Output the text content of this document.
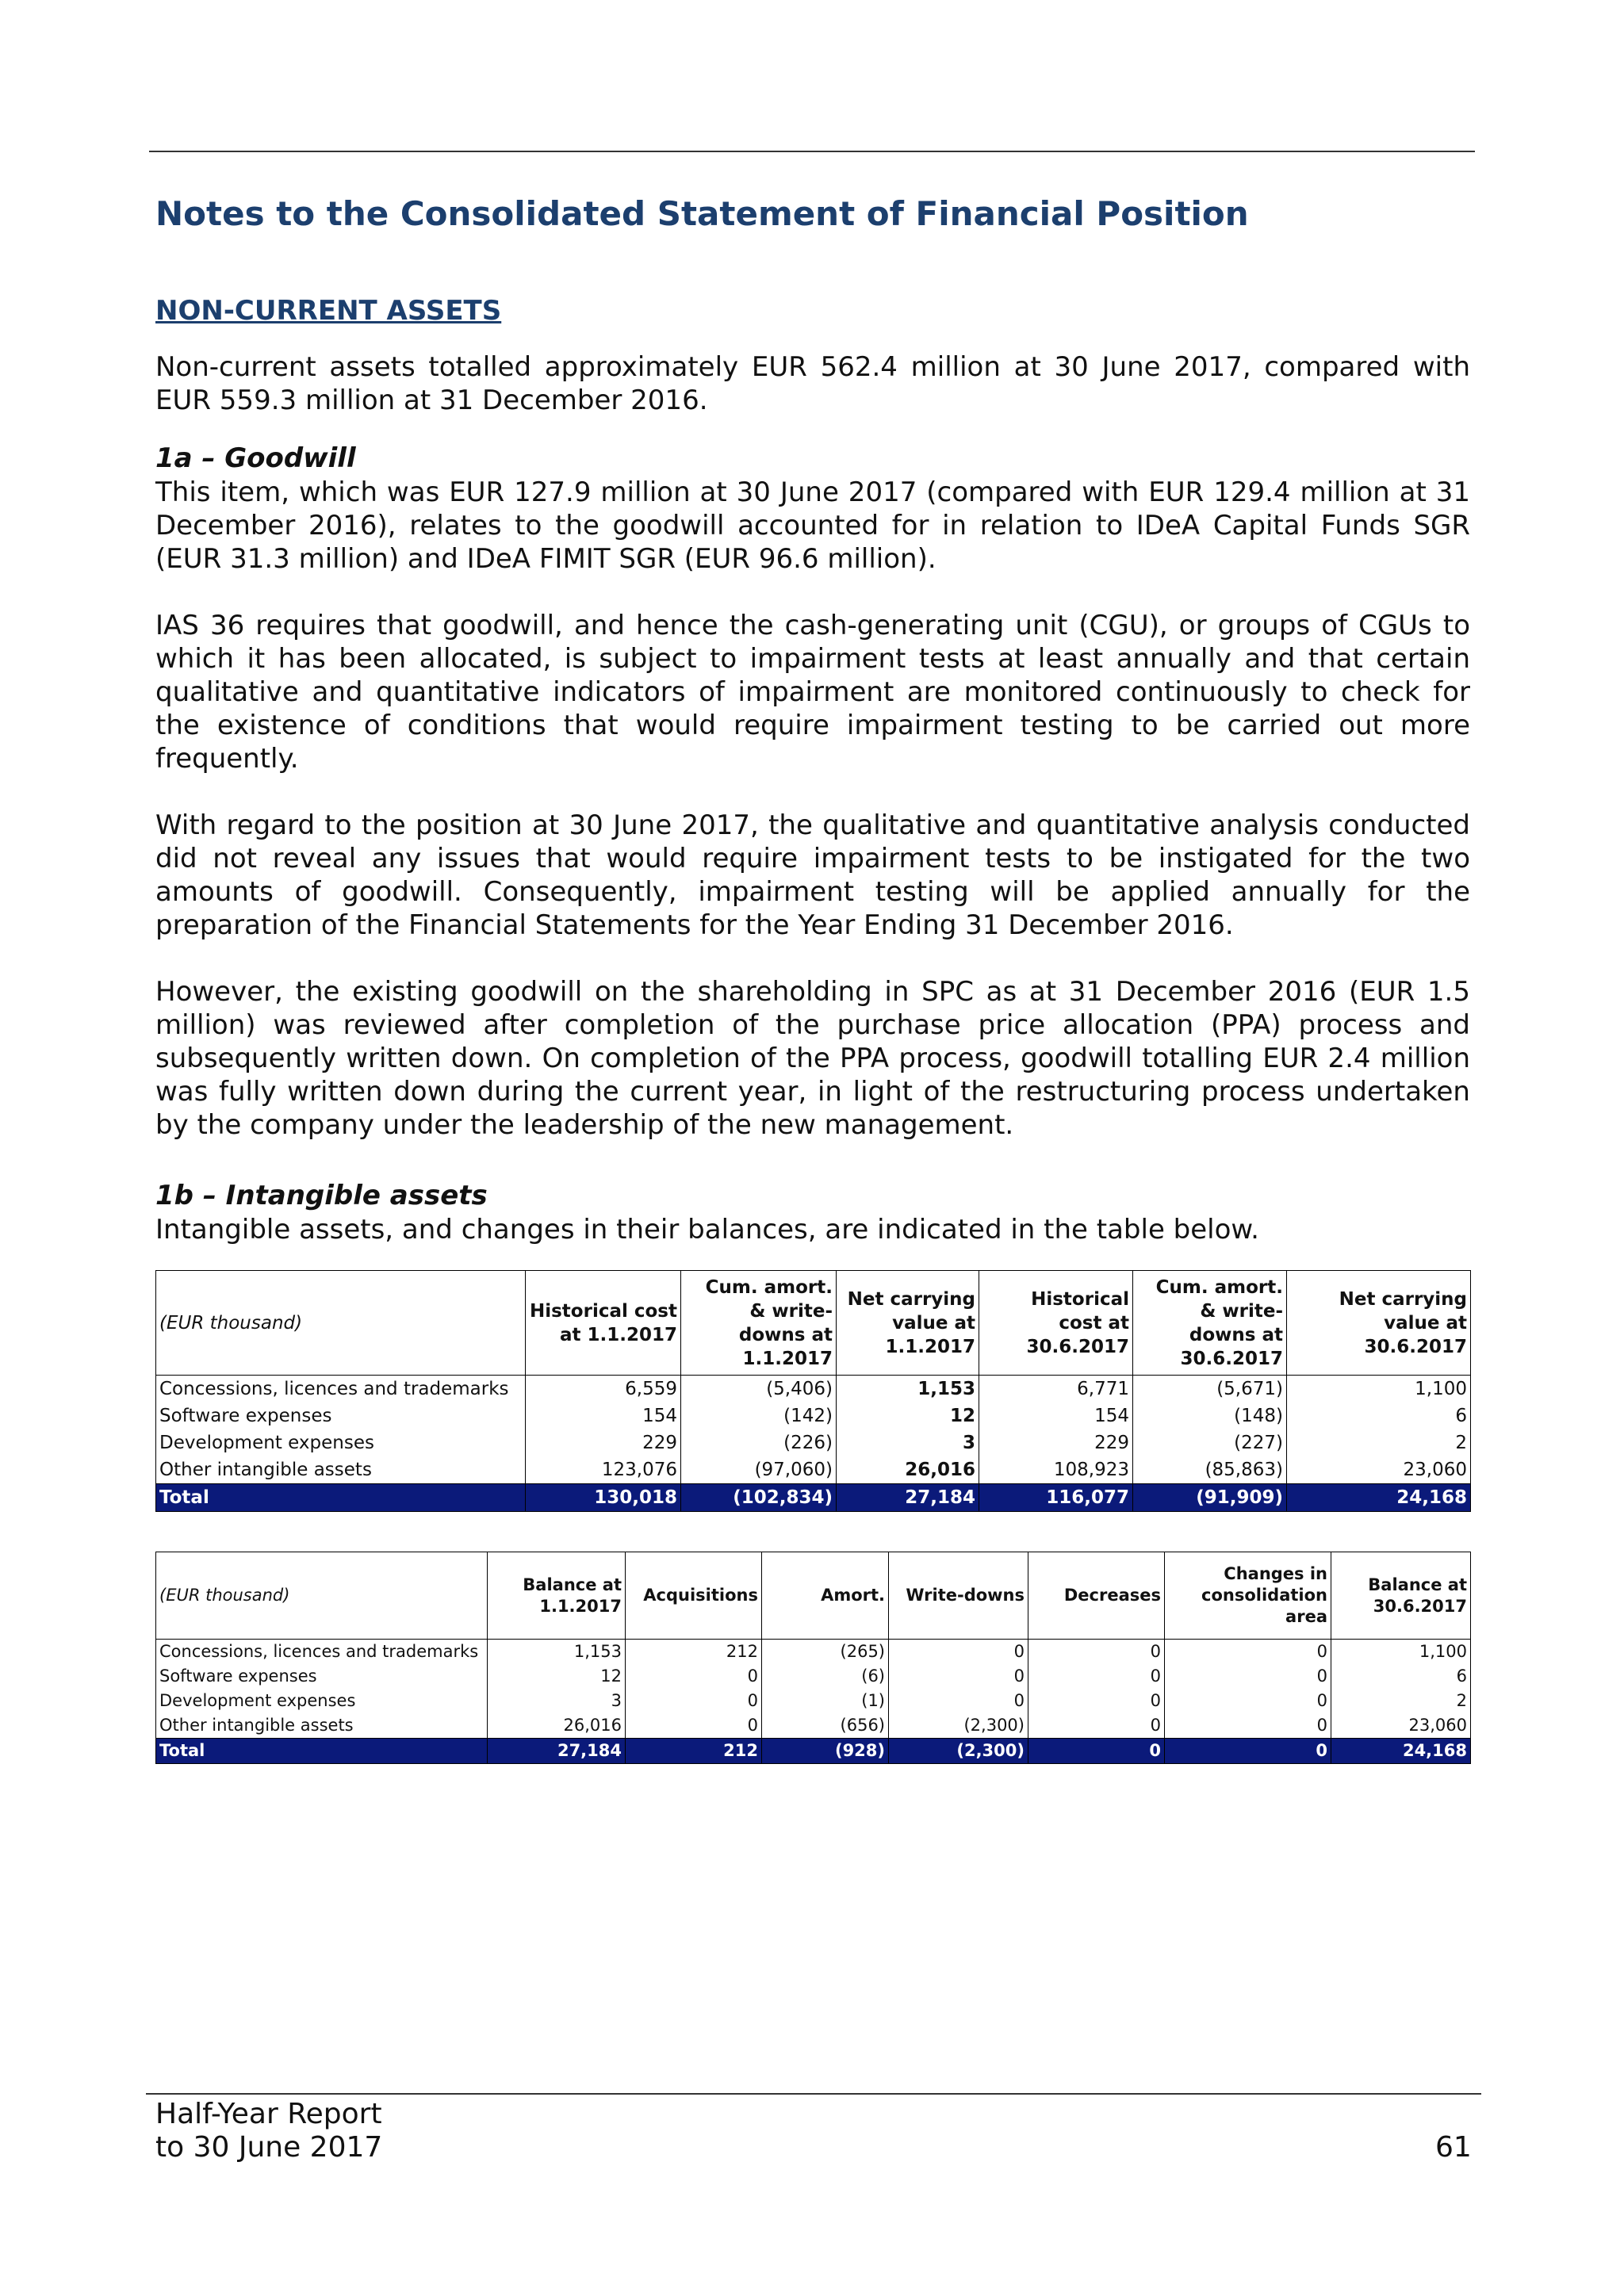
Notes to the Consolidated Statement of Financial Position
NON-CURRENT ASSETS

Non-current assets totalled approximately EUR 562.4 million at 30 June 2017, compared with EUR 559.3 million at 31 December 2016.

1a – Goodwill

This item, which was EUR 127.9 million at 30 June 2017 (compared with EUR 129.4 million at 31 December 2016), relates to the goodwill accounted for in relation to IDeA Capital Funds SGR (EUR 31.3 million) and IDeA FIMIT SGR (EUR 96.6 million).

IAS 36 requires that goodwill, and hence the cash-generating unit (CGU), or groups of CGUs to which it has been allocated, is subject to impairment tests at least annually and that certain qualitative and quantitative indicators of impairment are monitored continuously to check for the existence of conditions that would require impairment testing to be carried out more frequently.

With regard to the position at 30 June 2017, the qualitative and quantitative analysis conducted did not reveal any issues that would require impairment tests to be instigated for the two amounts of goodwill. Consequently, impairment testing will be applied annually for the preparation of the Financial Statements for the Year Ending 31 December 2016.

However, the existing goodwill on the shareholding in SPC as at 31 December 2016 (EUR 1.5 million) was reviewed after completion of the purchase price allocation (PPA) process and subsequently written down. On completion of the PPA process, goodwill totalling EUR 2.4 million was fully written down during the current year, in light of the restructuring process undertaken by the company under the leadership of the new management.

1b – Intangible assets

Intangible assets, and changes in their balances, are indicated in the table below.

(EUR thousand)	Historical cost at 1.1.2017	Cum. amort. & write-downs at 1.1.2017	Net carrying value at 1.1.2017	Historical cost at 30.6.2017	Cum. amort. & write-downs at 30.6.2017	Net carrying value at 30.6.2017
Concessions, licences and trademarks	6,559	(5,406)	1,153	6,771	(5,671)	1,100
Software expenses	154	(142)	12	154	(148)	6
Development expenses	229	(226)	3	229	(227)	2
Other intangible assets	123,076	(97,060)	26,016	108,923	(85,863)	23,060
Total	130,018	(102,834)	27,184	116,077	(91,909)	24,168
(EUR thousand)	Balance at 1.1.2017	Acquisitions	Amort.	Write-downs	Decreases	Changes in consolidation area	Balance at 30.6.2017
Concessions, licences and trademarks	1,153	212	(265)	0	0	0	1,100
Software expenses	12	0	(6)	0	0	0	6
Development expenses	3	0	(1)	0	0	0	2
Other intangible assets	26,016	0	(656)	(2,300)	0	0	23,060
Total	27,184	212	(928)	(2,300)	0	0	24,168
Half-Year Report
to 30 June 2017	61
